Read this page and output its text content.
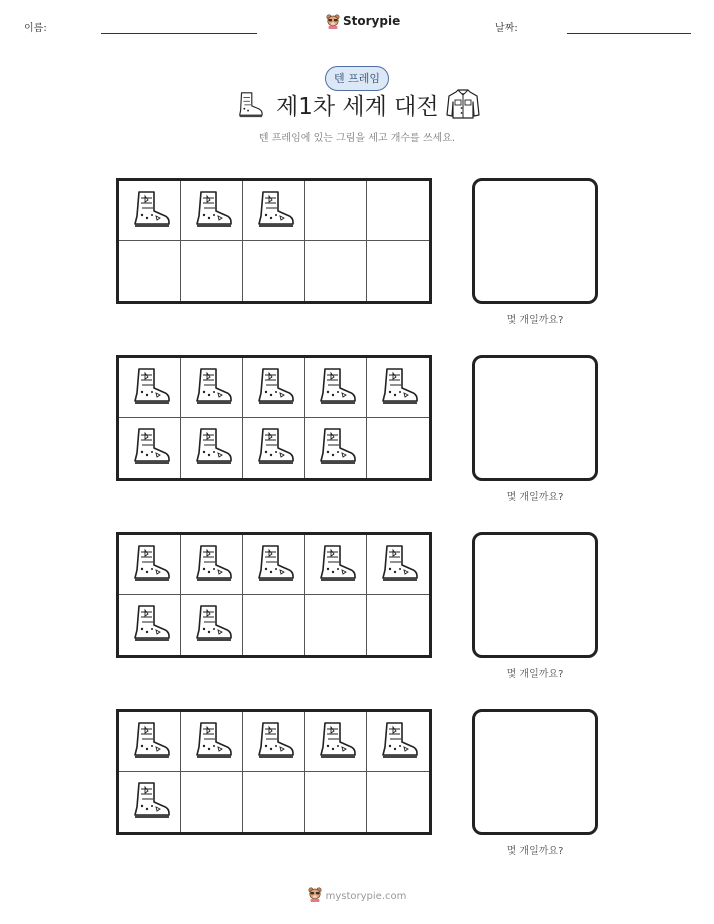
이름:
Storypie
날짜:
텐 프레임
제1차 세계 대전
텐 프레임에 있는 그림을 세고 개수를 쓰세요.
몇 개일까요?
몇 개일까요?
몇 개일까요?
몇 개일까요?
mystorypie.com
